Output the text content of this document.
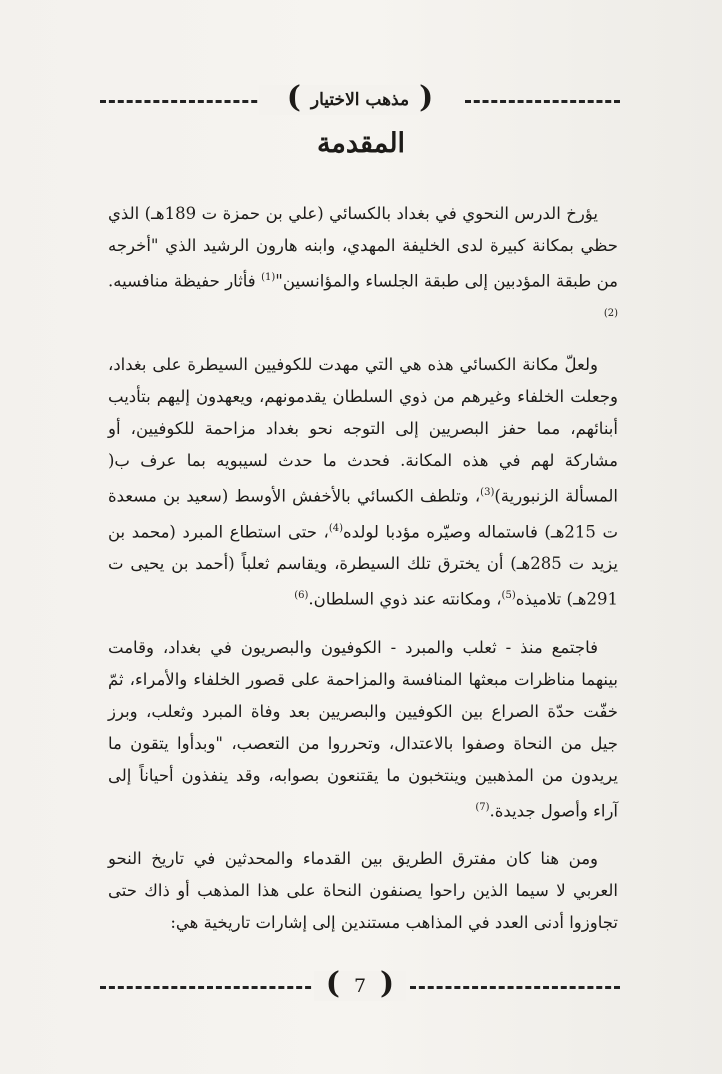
(
مذهب الاختيار
)
المقدمة

يؤرخ الدرس النحوي في بغداد بالكسائي (علي بن حمزة ت 189هـ) الذي حظي بمكانة كبيرة لدى الخليفة المهدي، وابنه هارون الرشيد الذي "أخرجه من طبقة المؤدبين إلى طبقة الجلساء والمؤانسين"$^{(1)}$ فأثار حفيظة منافسيه.$^{(2)}$

ولعلّ مكانة الكسائي هذه هي التي مهدت للكوفيين السيطرة على بغداد، وجعلت الخلفاء وغيرهم من ذوي السلطان يقدمونهم، ويعهدون إليهم بتأديب أبنائهم، مما حفز البصريين إلى التوجه نحو بغداد مزاحمة للكوفيين، أو مشاركة لهم في هذه المكانة. فحدث ما حدث لسيبويه بما عرف ب( المسألة الزنبورية)$^{(3)}$، وتلطف الكسائي بالأخفش الأوسط (سعيد بن مسعدة ت 215هـ) فاستماله وصيّره مؤدبا لولده$^{(4)}$، حتى استطاع المبرد (محمد بن يزيد ت 285هـ) أن يخترق تلك السيطرة، ويقاسم ثعلباً (أحمد بن يحيى ت 291هـ) تلاميذه$^{(5)}$، ومكانته عند ذوي السلطان.$^{(6)}$

فاجتمع منذ - ثعلب والمبرد - الكوفيون والبصريون في بغداد، وقامت بينهما مناظرات مبعثها المنافسة والمزاحمة على قصور الخلفاء والأمراء، ثمّ خفّت حدّة الصراع بين الكوفيين والبصريين بعد وفاة المبرد وثعلب، وبرز جيل من النحاة وصفوا بالاعتدال، وتحرروا من التعصب، "وبدأوا يتقون ما يريدون من المذهبين وينتخبون ما يقتنعون بصوابه، وقد ينفذون أحياناً إلى آراء وأصول جديدة.$^{(7)}$

ومن هنا كان مفترق الطريق بين القدماء والمحدثين في تاريخ النحو العربي لا سيما الذين راحوا يصنفون النحاة على هذا المذهب أو ذاك حتى تجاوزوا أدنى العدد في المذاهب مستندين إلى إشارات تاريخية هي:

( 7 )
